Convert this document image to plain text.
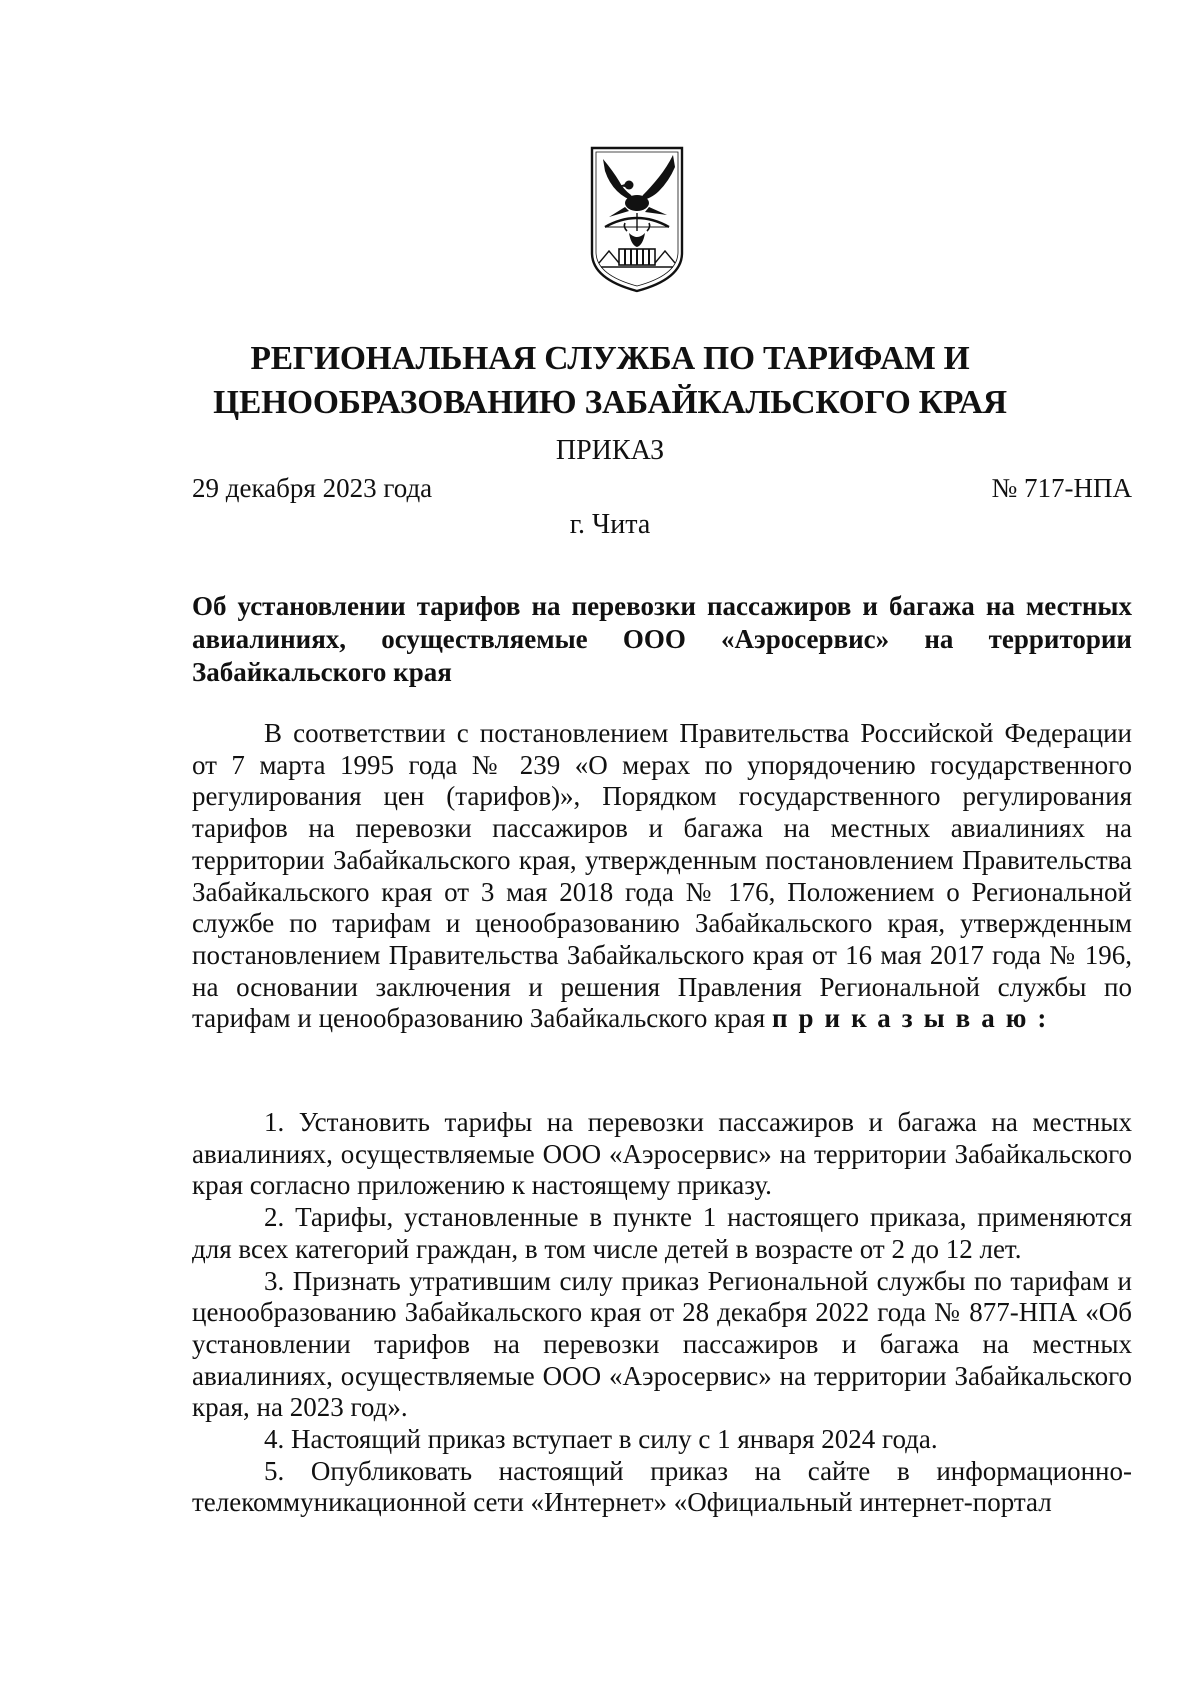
РЕГИОНАЛЬНАЯ СЛУЖБА ПО ТАРИФАМ И ЦЕНООБРАЗОВАНИЮ ЗАБАЙКАЛЬСКОГО КРАЯ
ПРИКАЗ
29 декабря 2023 года	№ 717-НПА
г. Чита
Об установлении тарифов на перевозки пассажиров и багажа на местных авиалиниях, осуществляемые ООО «Аэросервис» на территории Забайкальского края
В соответствии с постановлением Правительства Российской Федерации от 7 марта 1995 года № 239 «О мерах по упорядочению государственного регулирования цен (тарифов)», Порядком государственного регулирования тарифов на перевозки пассажиров и багажа на местных авиалиниях на территории Забайкальского края, утвержденным постановлением Правительства Забайкальского края от 3 мая 2018 года № 176, Положением о Региональной службе по тарифам и ценообразованию Забайкальского края, утвержденным постановлением Правительства Забайкальского края от 16 мая 2017 года № 196, на основании заключения и решения Правления Региональной службы по тарифам и ценообразованию Забайкальского края приказываю:

1. Установить тарифы на перевозки пассажиров и багажа на местных авиалиниях, осуществляемые ООО «Аэросервис» на территории Забайкальского края согласно приложению к настоящему приказу.

2. Тарифы, установленные в пункте 1 настоящего приказа, применяются для всех категорий граждан, в том числе детей в возрасте от 2 до 12 лет.

3. Признать утратившим силу приказ Региональной службы по тарифам и ценообразованию Забайкальского края от 28 декабря 2022 года № 877-НПА «Об установлении тарифов на перевозки пассажиров и багажа на местных авиалиниях, осуществляемые ООО «Аэросервис» на территории Забайкальского края, на 2023 год».

4. Настоящий приказ вступает в силу с 1 января 2024 года.

5. Опубликовать настоящий приказ на сайте в информационно-телекоммуникационной сети «Интернет» «Официальный интернет-портал
